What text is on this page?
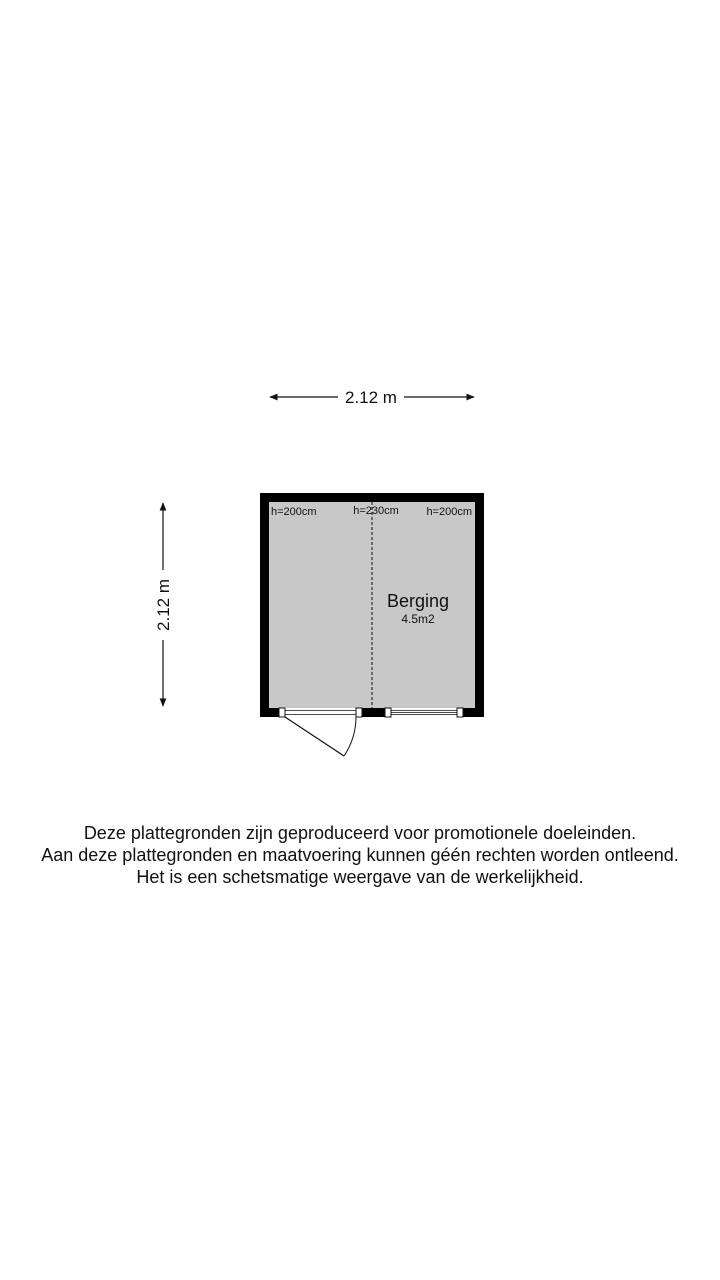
2.12 m
2.12 m
h=200cm	h=230cm	h=200cm
Berging
4.5m2
Deze plattegronden zijn geproduceerd voor promotionele doeleinden.
Aan deze plattegronden en maatvoering kunnen géén rechten worden ontleend.
Het is een schetsmatige weergave van de werkelijkheid.
